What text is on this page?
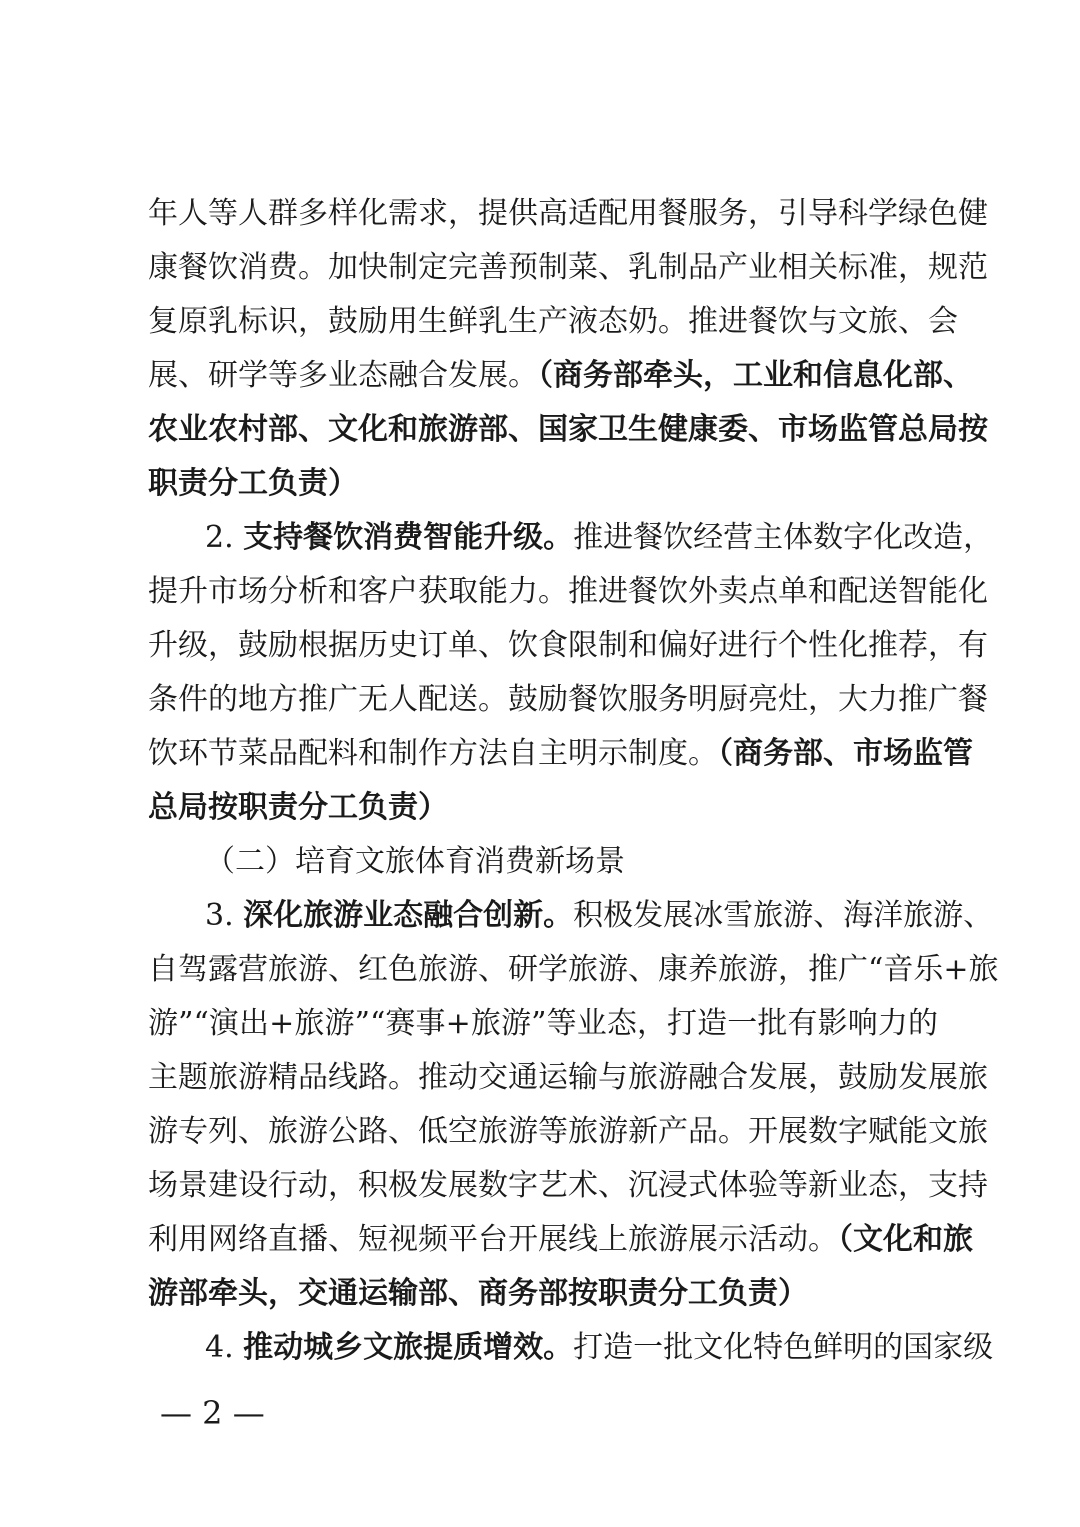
年人等人群多样化需求，提供高适配用餐服务，引导科学绿色健
康餐饮消费。加快制定完善预制菜、乳制品产业相关标准，规范
复原乳标识，鼓励用生鲜乳生产液态奶。推进餐饮与文旅、会
展、研学等多业态融合发展。（商务部牵头，工业和信息化部、
农业农村部、文化和旅游部、国家卫生健康委、市场监管总局按
职责分工负责）
2. 支持餐饮消费智能升级。推进餐饮经营主体数字化改造，
提升市场分析和客户获取能力。推进餐饮外卖点单和配送智能化
升级，鼓励根据历史订单、饮食限制和偏好进行个性化推荐，有
条件的地方推广无人配送。鼓励餐饮服务明厨亮灶，大力推广餐
饮环节菜品配料和制作方法自主明示制度。（商务部、市场监管
总局按职责分工负责）
（二）培育文旅体育消费新场景
3. 深化旅游业态融合创新。积极发展冰雪旅游、海洋旅游、
自驾露营旅游、红色旅游、研学旅游、康养旅游，推广“音乐+旅
游”“演出+旅游”“赛事+旅游”等业态，打造一批有影响力的
主题旅游精品线路。推动交通运输与旅游融合发展，鼓励发展旅
游专列、旅游公路、低空旅游等旅游新产品。开展数字赋能文旅
场景建设行动，积极发展数字艺术、沉浸式体验等新业态，支持
利用网络直播、短视频平台开展线上旅游展示活动。（文化和旅
游部牵头，交通运输部、商务部按职责分工负责）
4. 推动城乡文旅提质增效。打造一批文化特色鲜明的国家级
— 2 —
